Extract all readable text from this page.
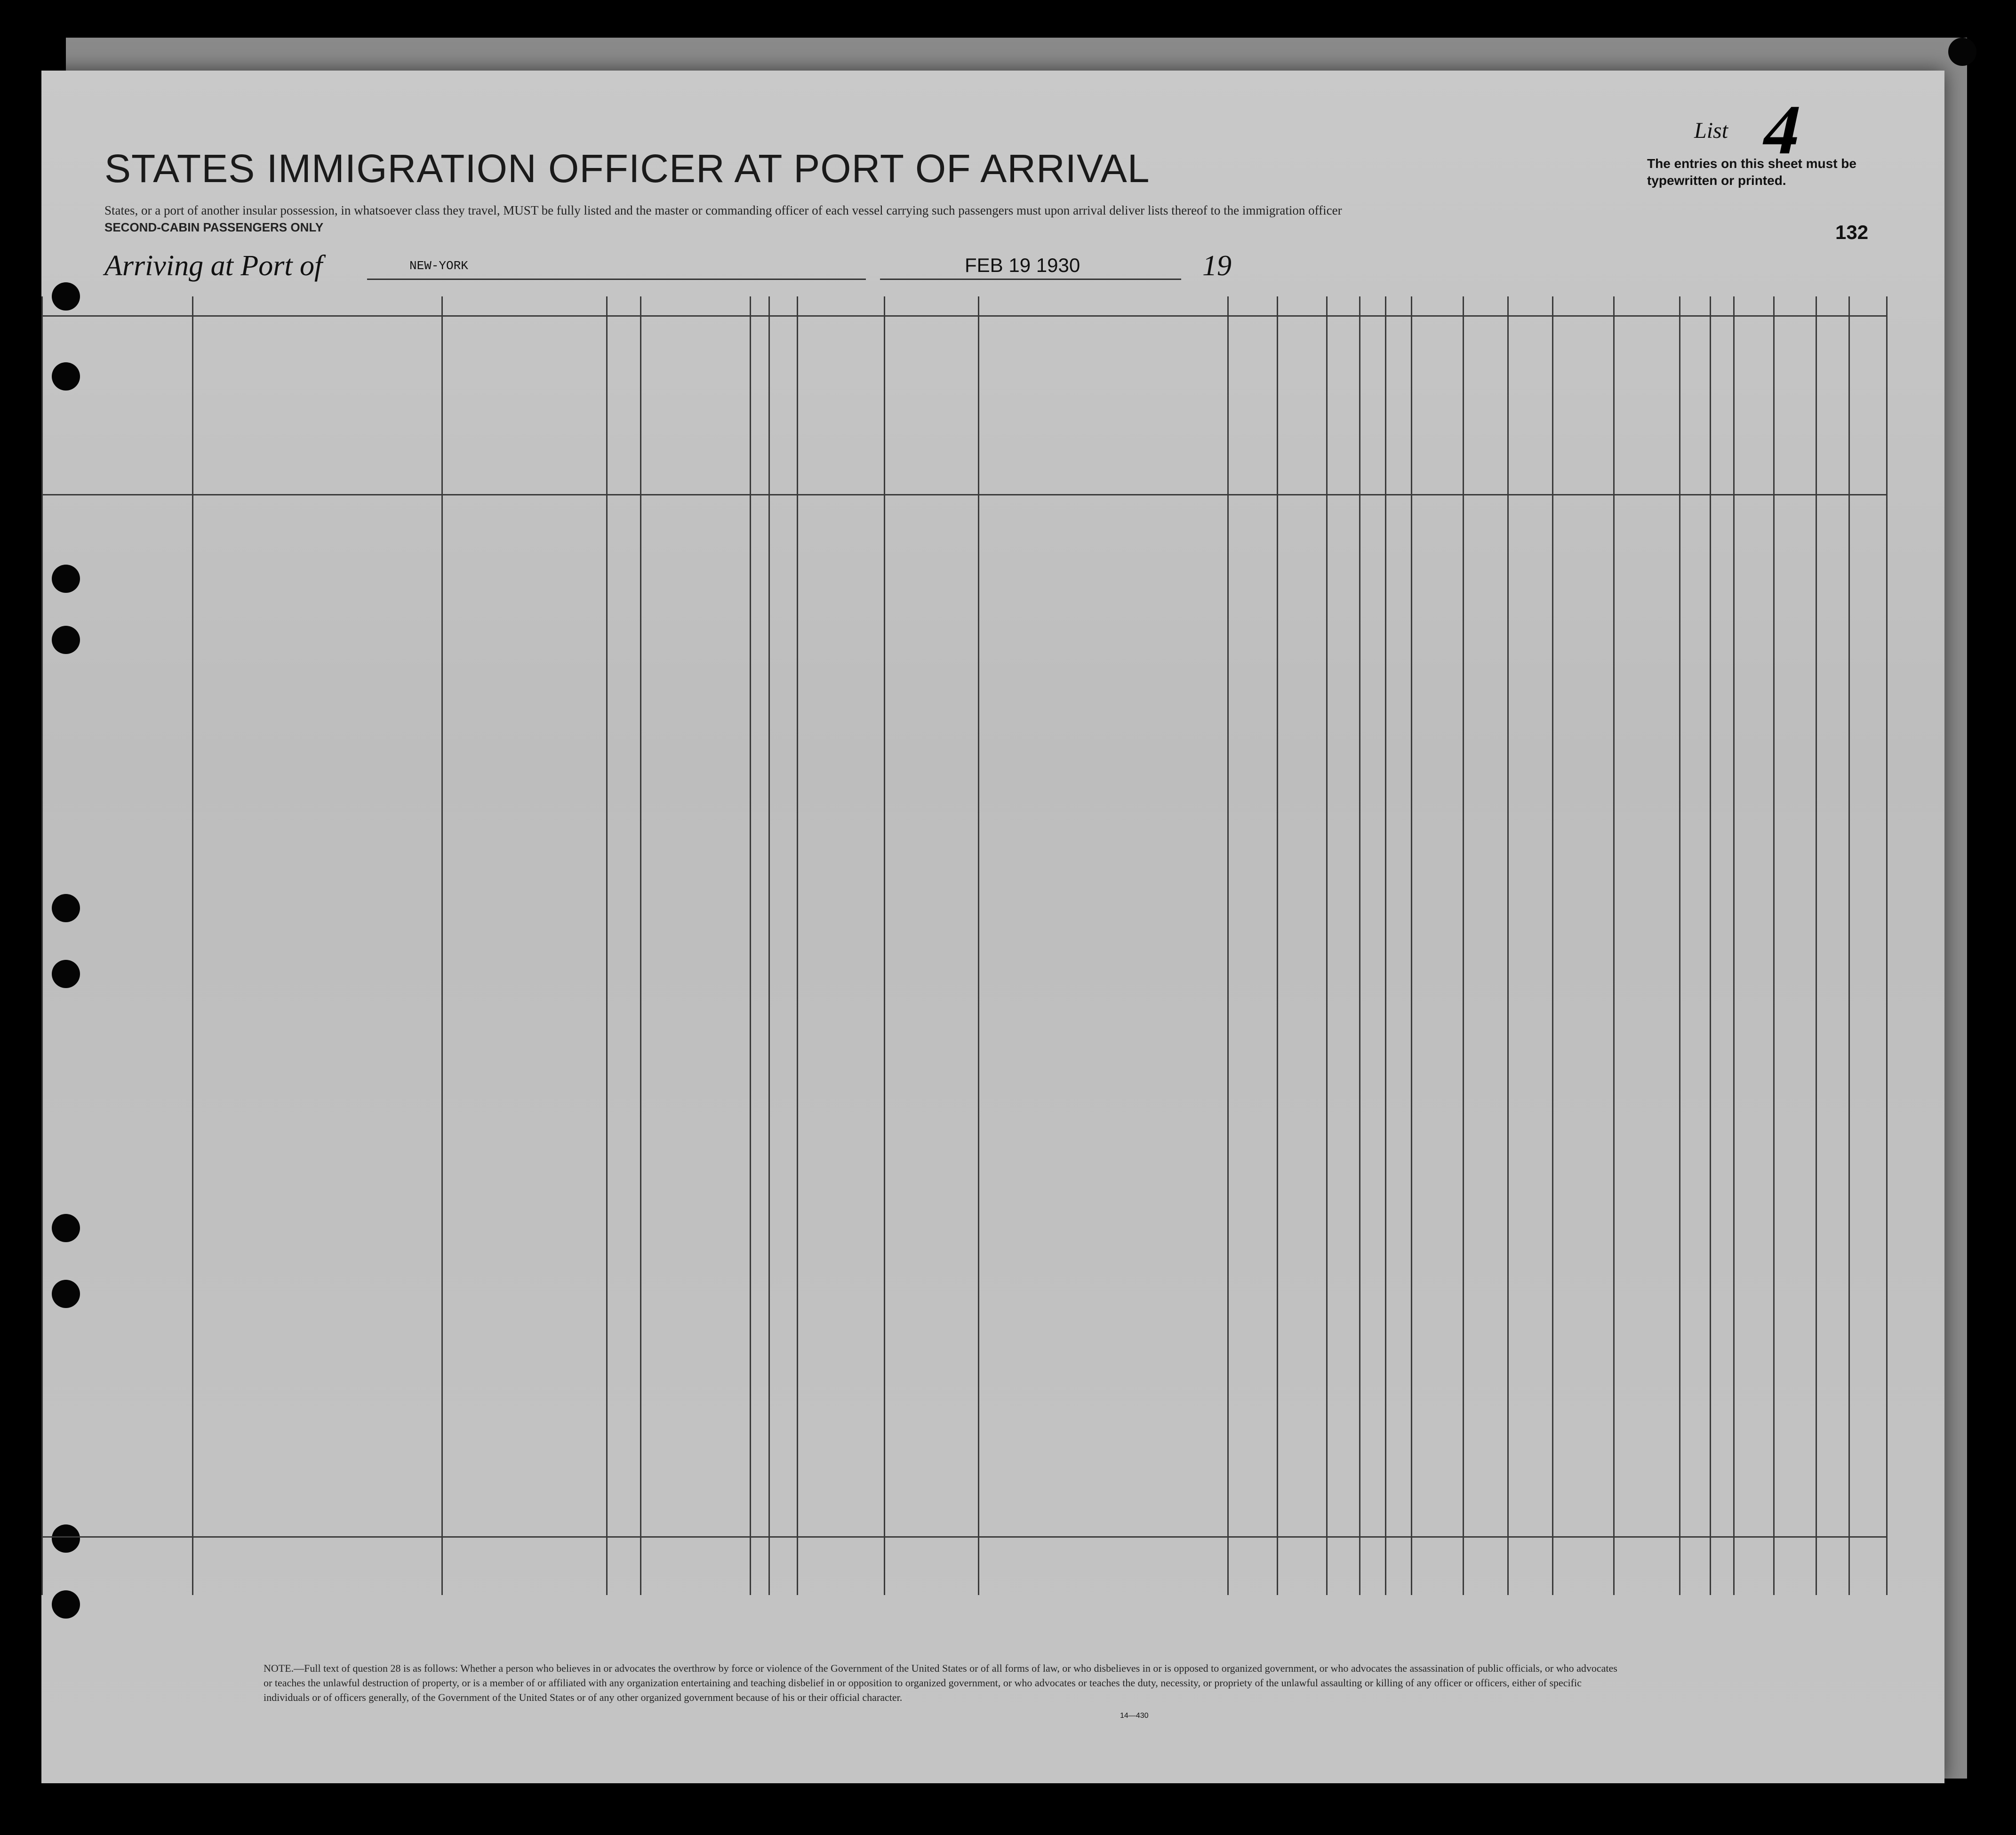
STATES IMMIGRATION OFFICER AT PORT OF ARRIVAL
States, or a port of another insular possession, in whatsoever class they travel, MUST be fully listed and the master or commanding officer of each vessel carrying such passengers must upon arrival deliver lists thereof to the immigration officer
SECOND-CABIN PASSENGERS ONLY
List 4
The entries on this sheet must be typewritten or printed.
132
Arriving at Port of	NEW-YORK	FEB 19 1930	19
NOTE.—Full text of question 28 is as follows: Whether a person who believes in or advocates the overthrow by force or violence of the Government of the United States or of all forms of law, or who disbelieves in or is opposed to organized government, or who advocates the assassination of public officials, or who advocates or teaches the unlawful destruction of property, or is a member of or affiliated with any organization entertaining and teaching disbelief in or opposition to organized government, or who advocates or teaches the duty, necessity, or propriety of the unlawful assaulting or killing of any officer or officers, either of specific individuals or of officers generally, of the Government of the United States or of any other organized government because of his or their official character.
14—430
